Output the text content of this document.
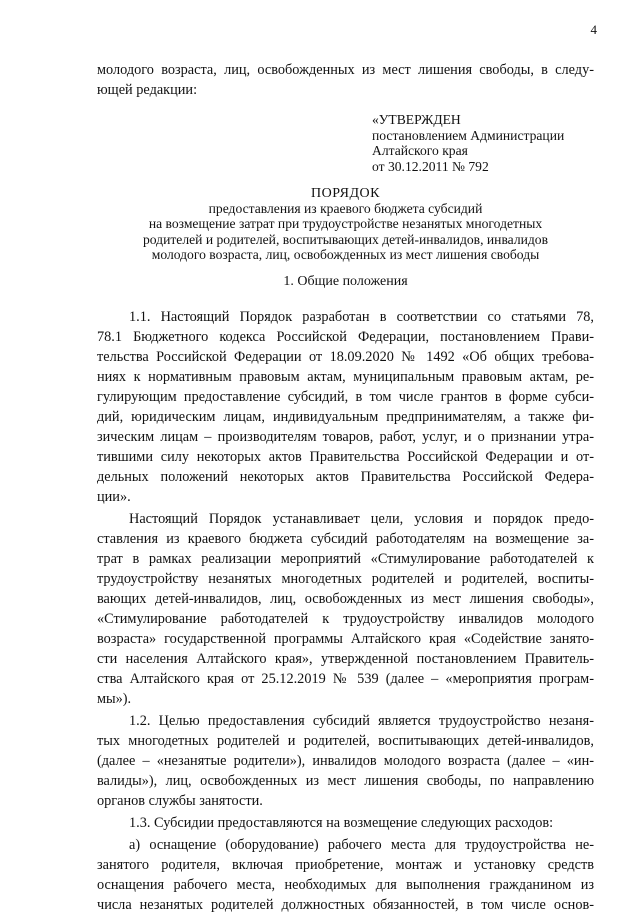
4
молодого возраста, лиц, освобожденных из мест лишения свободы, в следу-
ющей редакции:
«УТВЕРЖДЕН
постановлением Администрации
Алтайского края
от 30.12.2011 № 792
ПОРЯДОК
предоставления из краевого бюджета субсидий
на возмещение затрат при трудоустройстве незанятых многодетных
родителей и родителей, воспитывающих детей-инвалидов, инвалидов
молодого возраста, лиц, освобожденных из мест лишения свободы
1. Общие положения
1.1. Настоящий Порядок разработан в соответствии со статьями 78,
78.1 Бюджетного кодекса Российской Федерации, постановлением Прави-
тельства Российской Федерации от 18.09.2020 № 1492 «Об общих требова-
ниях к нормативным правовым актам, муниципальным правовым актам, ре-
гулирующим предоставление субсидий, в том числе грантов в форме субси-
дий, юридическим лицам, индивидуальным предпринимателям, а также фи-
зическим лицам – производителям товаров, работ, услуг, и о признании утра-
тившими силу некоторых актов Правительства Российской Федерации и от-
дельных положений некоторых актов Правительства Российской Федера-
ции».
Настоящий Порядок устанавливает цели, условия и порядок предо-
ставления из краевого бюджета субсидий работодателям на возмещение за-
трат в рамках реализации мероприятий «Стимулирование работодателей к
трудоустройству незанятых многодетных родителей и родителей, воспиты-
вающих детей-инвалидов, лиц, освобожденных из мест лишения свободы»,
«Стимулирование работодателей к трудоустройству инвалидов молодого
возраста» государственной программы Алтайского края «Содействие занято-
сти населения Алтайского края», утвержденной постановлением Правитель-
ства Алтайского края от 25.12.2019 № 539 (далее – «мероприятия програм-
мы»).
1.2. Целью предоставления субсидий является трудоустройство незаня-
тых многодетных родителей и родителей, воспитывающих детей-инвалидов,
(далее – «незанятые родители»), инвалидов молодого возраста (далее – «ин-
валиды»), лиц, освобожденных из мест лишения свободы, по направлению
органов службы занятости.
1.3. Субсидии предоставляются на возмещение следующих расходов:
а) оснащение (оборудование) рабочего места для трудоустройства не-
занятого родителя, включая приобретение, монтаж и установку средств
оснащения рабочего места, необходимых для выполнения гражданином из
числа незанятых родителей должностных обязанностей, в том числе основ-
